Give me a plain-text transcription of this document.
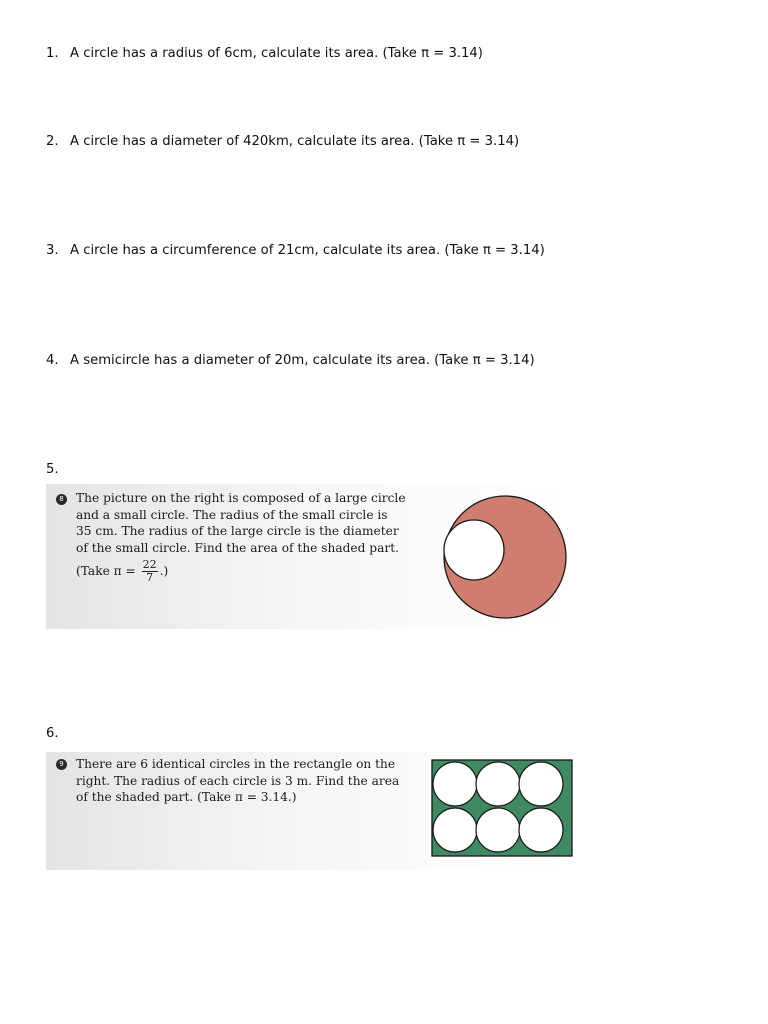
1. A circle has a radius of 6cm, calculate its area. (Take π = 3.14)
2. A circle has a diameter of 420km, calculate its area. (Take π = 3.14)
3. A circle has a circumference of 21cm, calculate its area. (Take π = 3.14)
4. A semicircle has a diameter of 20m, calculate its area. (Take π = 3.14)
5.
8 The picture on the right is composed of a large circle
and a small circle. The radius of the small circle is
35 cm. The radius of the large circle is the diameter
of the small circle. Find the area of the shaded part.
(Take $\pi = \frac{22}{7}$ .)
6.
9 There are 6 identical circles in the rectangle on the
right. The radius of each circle is 3 m. Find the area
of the shaded part. (Take π = 3.14.)
